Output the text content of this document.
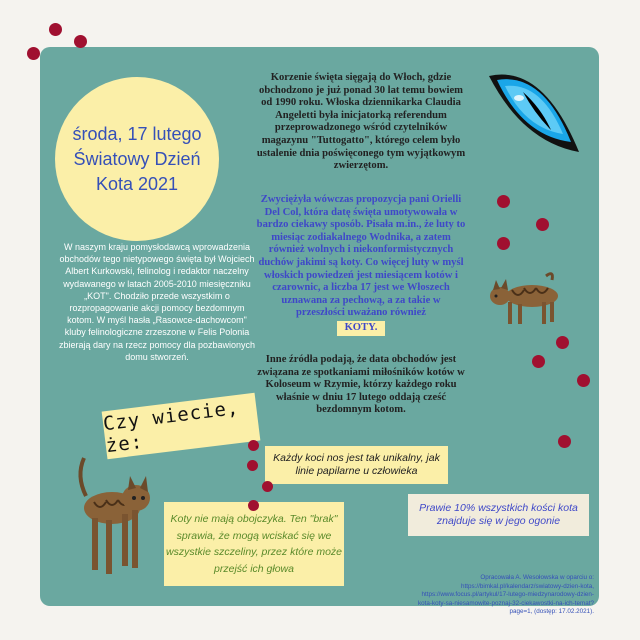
środa, 17 lutego
Światowy Dzień
Kota 2021
Korzenie święta sięgają do Włoch, gdzie obchodzono je już ponad 30 lat temu bowiem od 1990 roku. Włoska dziennikarka Claudia Angeletti była inicjatorką referendum przeprowadzonego wśród czytelników magazynu "Tuttogatto", którego celem było ustalenie dnia poświęconego tym wyjątkowym zwierzętom.
Zwyciężyła wówczas propozycja pani Orielli Del Col, która datę święta umotywowała w bardzo ciekawy sposób. Pisała m.in., że luty to miesiąc zodiakalnego Wodnika, a zatem również wolnych i niekonformistycznych duchów jakimi są koty. Co więcej luty w myśl włoskich powiedzeń jest miesiącem kotów i czarownic, a liczba 17 jest we Włoszech uznawana za pechową, a za takie w przeszłości uważano również
KOTY.
Inne źródła podają, że data obchodów jest związana ze spotkaniami miłośników kotów w Koloseum w Rzymie, którzy każdego roku właśnie w dniu 17 lutego oddają cześć bezdomnym kotom.
W naszym kraju pomysłodawcą wprowadzenia obchodów tego nietypowego święta był Wojciech Albert Kurkowski, felinolog i redaktor naczelny wydawanego w latach 2005-2010 miesięczniku „KOT". Chodziło przede wszystkim o rozpropagowanie akcji pomocy bezdomnym kotom. W myśl hasła „Rasowce-dachowcom" kluby felinologiczne zrzeszone w Felis Polonia zbierają dary na rzecz pomocy dla pozbawionych domu stworzeń.
Czy wiecie, że:
Każdy koci nos jest tak unikalny, jak linie papilarne u człowieka
Prawie 10% wszystkich kości kota znajduje się w jego ogonie
Koty nie mają obojczyka. Ten "brak" sprawia, że mogą wciskać się we wszystkie szczeliny, przez które może przejść ich głowa
Opracowała A. Wesołowska w oparciu o: https://bimkal.pl/kalendarz/swiatowy-dzien-kota, https://www.focus.pl/artykul/17-lutego-miedzynarodowy-dzien-kota-koty-sa-niesamowite-poznaj-32-ciekawostki-na-ich-temat?page=1, (dostęp: 17.02.2021).
